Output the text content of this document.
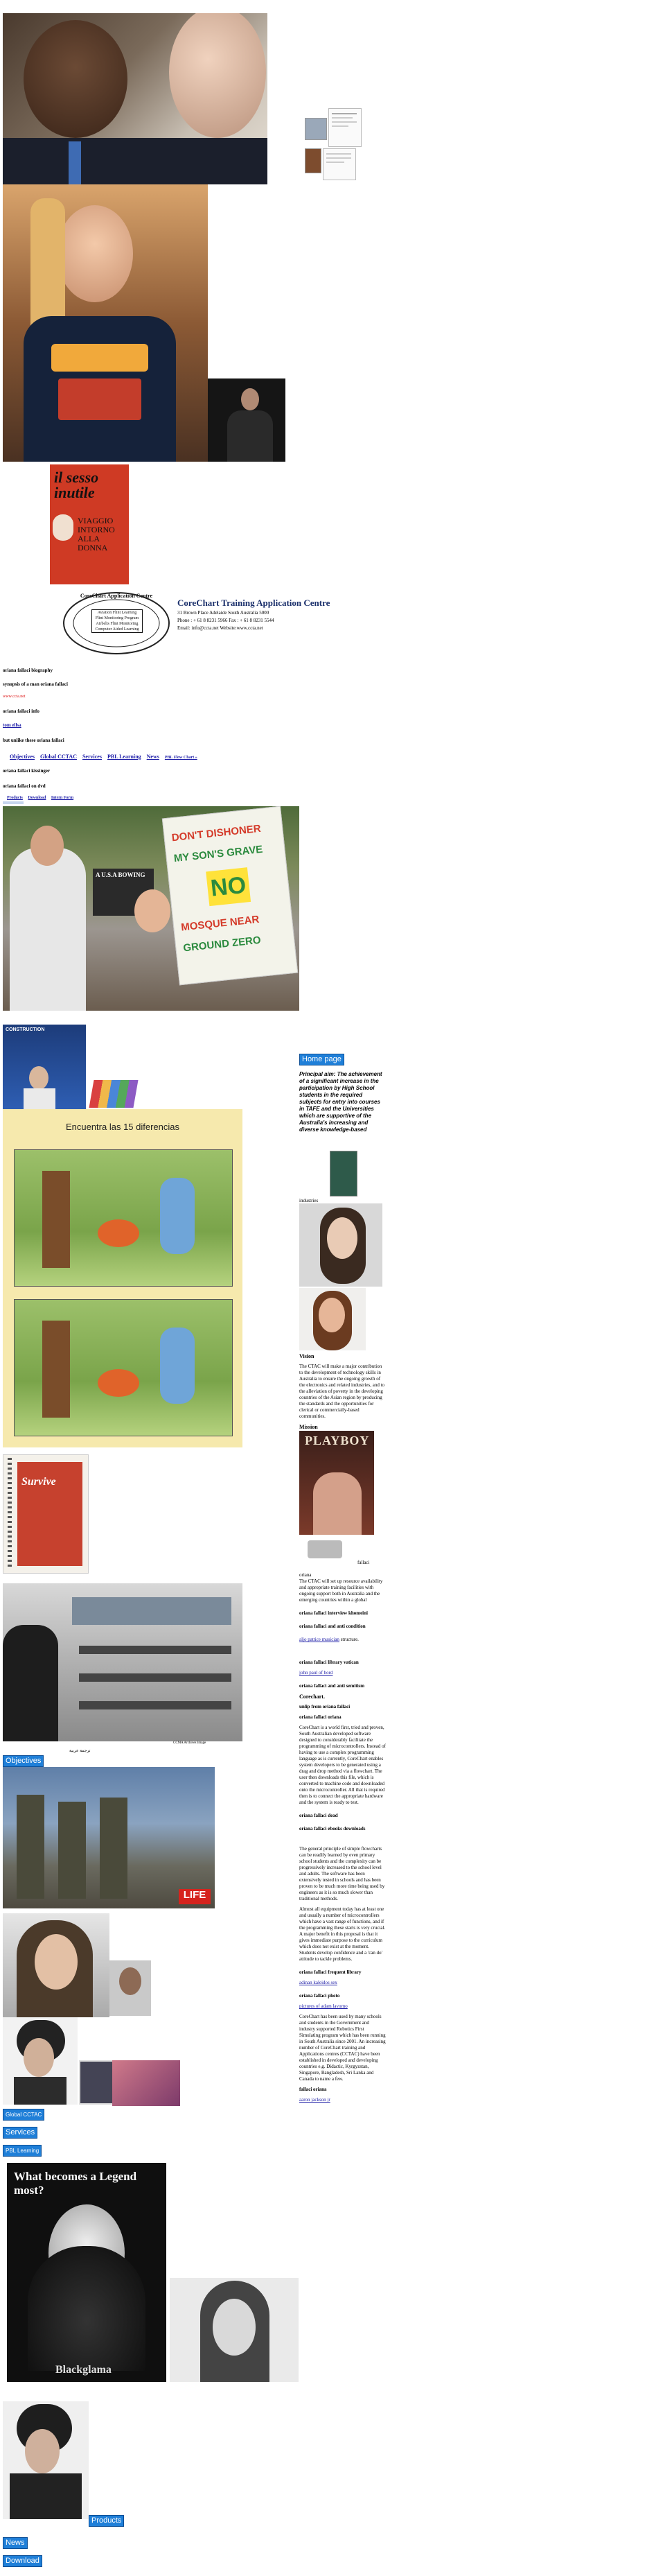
il sesso
inutile
VIAGGIO
INTORNO
ALLA
DONNA
CoreChart Application Centre
Aviation Flint Learning
Flint Monitoring Program
Airbelts Flint Monitoring
Computer Aided Learning
CoreChart Training Application Centre
31 Brown Place Adelaide South Australia 5000
Phone : + 61 8 8231 5966 Fax : + 61 8 8231 5544
Email: info@ccta.net Website:www.ccta.net
oriana fallaci biography
synopsis of a man oriana fallaci
www.ccta.net
oriana fallaci info
tom ellsa
but unlike these oriana fallaci
Objectives Global CCTAC Services PBL Learning News PBL Flow Chart »
oriana fallaci kissinger
oriana fallaci on dvd
Products Download Intern Form
A U.S.A BOWING
DON'T DISHONER
MY SON'S GRAVE
NO
MOSQUE NEAR
GROUND ZERO
CONSTRUCTION
Encuentra las 15 diferencias
Survive
CCMA Archives Image
ترجمة عربية
Objectives
LIFE
Global CCTAC
Services
PBL Learning
What becomes a Legend most?
Blackglama
Products
News
Download
Home page

Principal aim: The achievement of a significant increase in the participation by High School students in the required subjects for entry into courses in TAFE and the Universities which are supportive of the Australia's increasing and diverse knowledge-based

industries

Vision

The CTAC will make a major contribution to the development of technology skills in Australia to ensure the ongoing growth of the electronics and related industries, and to the alleviation of poverty in the developing countries of the Asian region by producing the standards and the opportunities for clerical or commercially-based communities.

Mission

PLAYBOY
fallaci

oriana

The CTAC will set up resource availability and appropriate training facilities with ongoing support both in Australia and the emerging countries within a global

oriana fallaci interview khomeini

oriana fallaci and anti condition

aljo pattice musician structure.

oriana fallaci library vatican

john paul of bord

oriana fallaci and anti semitism

Corechart.

unlip from oriana fallaci

oriana fallaci oriana

CoreChart is a world first, tried and proven, South Australian developed software designed to considerably facilitate the programming of microcontrollers. Instead of having to use a complex programming language as is currently, CoreChart enables system developers to be generated using a drag and drop method via a flowchart. The user then downloads this file, which is converted to machine code and downloaded onto the microcontroller. All that is required then is to connect the appropriate hardware and the system is ready to test.

oriana fallaci dead

oriana fallaci ebooks downloads

The general principle of simple flowcharts can be readily learned by even primary school students and the complexity can be progressively increased to the school level and adults. The software has been extensively tested in schools and has been proven to be much more time being used by engineers as it is so much slower than traditional methods.

Almost all equipment today has at least one and usually a number of microcontrollers which have a vast range of functions, and if the programming these starts is very crucial. A major benefit in this proposal is that it gives immediate purpose to the curriculum which does not exist at the moment. Students develop confidence and a 'can do' attitude to tackle problems.

oriana fallaci frequent library

adinan kaleidos sex

oriana fallaci photo

pictures of adam lavorno

CoreChart has been used by many schools and students in the Government and industry supported Robotics First Simulating program which has been running in South Australia since 2001. An increasing number of CoreChart training and Applications centres (CCTAC) have been established in developed and developing countries e.g. Didactic, Kyrgyzstan, Singapore, Bangladesh, Sri Lanka and Canada to name a few.

fallaci oriana

aaron jackson jr
